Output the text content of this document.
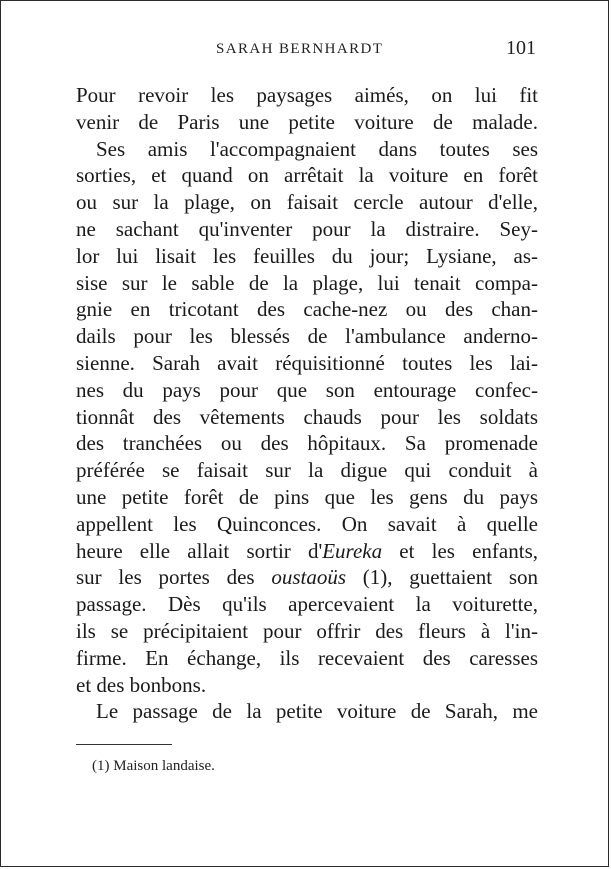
SARAH BERNHARDT	101
Pour revoir les paysages aimés, on lui fit
venir de Paris une petite voiture de malade.
Ses amis l'accompagnaient dans toutes ses
sorties, et quand on arrêtait la voiture en forêt
ou sur la plage, on faisait cercle autour d'elle,
ne sachant qu'inventer pour la distraire. Sey-
lor lui lisait les feuilles du jour; Lysiane, as-
sise sur le sable de la plage, lui tenait compa-
gnie en tricotant des cache-nez ou des chan-
dails pour les blessés de l'ambulance anderno-
sienne. Sarah avait réquisitionné toutes les lai-
nes du pays pour que son entourage confec-
tionnât des vêtements chauds pour les soldats
des tranchées ou des hôpitaux. Sa promenade
préférée se faisait sur la digue qui conduit à
une petite forêt de pins que les gens du pays
appellent les Quinconces. On savait à quelle
heure elle allait sortir d'Eureka et les enfants,
sur les portes des oustaoüs (1), guettaient son
passage. Dès qu'ils apercevaient la voiturette,
ils se précipitaient pour offrir des fleurs à l'in-
firme. En échange, ils recevaient des caresses
et des bonbons.
Le passage de la petite voiture de Sarah, me
(1) Maison landaise.
